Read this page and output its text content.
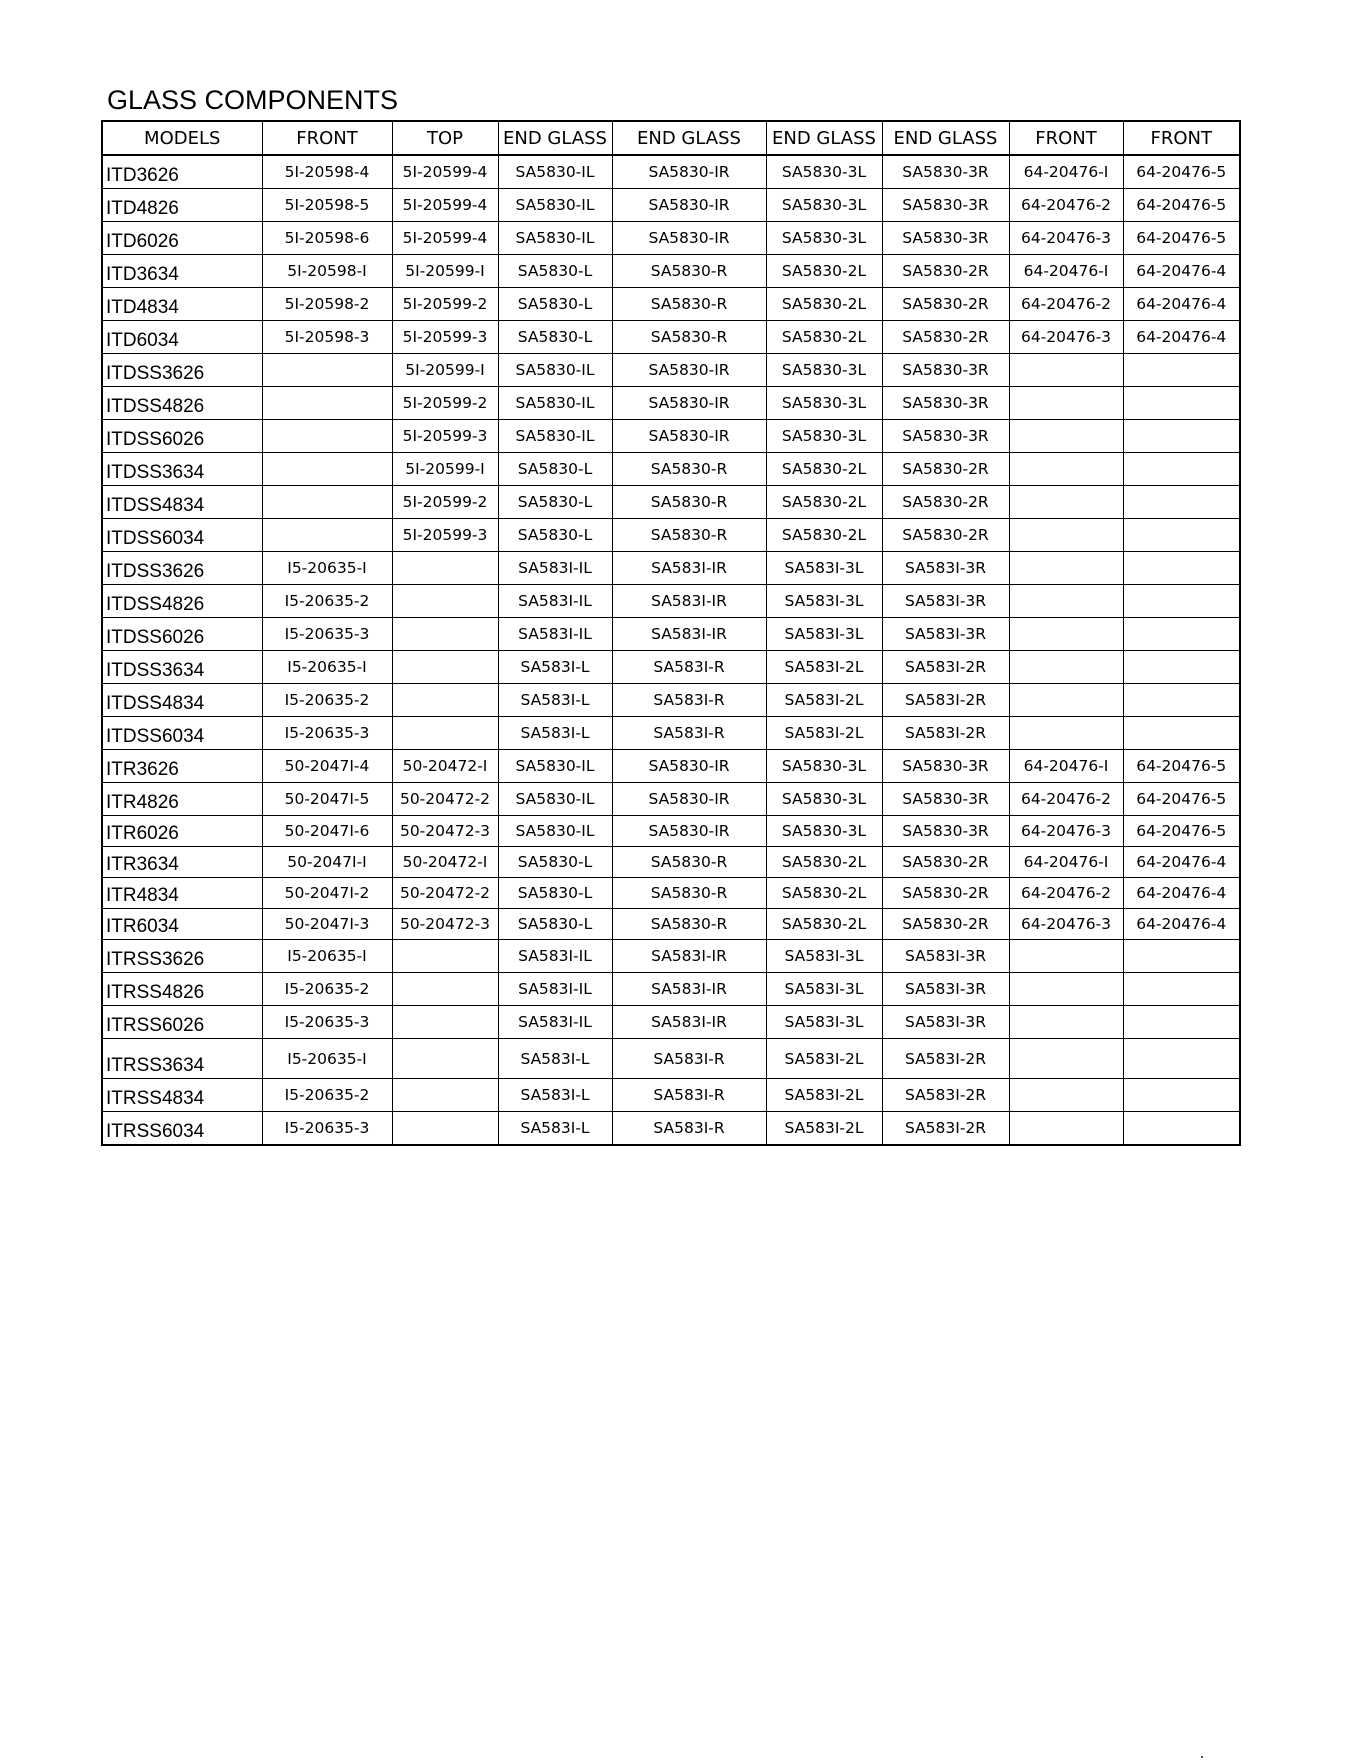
GLASS COMPONENTS
MODELS	FRONT	TOP	END GLASS	END GLASS	END GLASS	END GLASS	FRONT	FRONT
ITD3626	5I-20598-4	5I-20599-4	SA5830-IL	SA5830-IR	SA5830-3L	SA5830-3R	64-20476-I	64-20476-5
ITD4826	5I-20598-5	5I-20599-4	SA5830-IL	SA5830-IR	SA5830-3L	SA5830-3R	64-20476-2	64-20476-5
ITD6026	5I-20598-6	5I-20599-4	SA5830-IL	SA5830-IR	SA5830-3L	SA5830-3R	64-20476-3	64-20476-5
ITD3634	5I-20598-I	5I-20599-I	SA5830-L	SA5830-R	SA5830-2L	SA5830-2R	64-20476-I	64-20476-4
ITD4834	5I-20598-2	5I-20599-2	SA5830-L	SA5830-R	SA5830-2L	SA5830-2R	64-20476-2	64-20476-4
ITD6034	5I-20598-3	5I-20599-3	SA5830-L	SA5830-R	SA5830-2L	SA5830-2R	64-20476-3	64-20476-4
ITDSS3626		5I-20599-I	SA5830-IL	SA5830-IR	SA5830-3L	SA5830-3R		
ITDSS4826		5I-20599-2	SA5830-IL	SA5830-IR	SA5830-3L	SA5830-3R		
ITDSS6026		5I-20599-3	SA5830-IL	SA5830-IR	SA5830-3L	SA5830-3R		
ITDSS3634		5I-20599-I	SA5830-L	SA5830-R	SA5830-2L	SA5830-2R		
ITDSS4834		5I-20599-2	SA5830-L	SA5830-R	SA5830-2L	SA5830-2R		
ITDSS6034		5I-20599-3	SA5830-L	SA5830-R	SA5830-2L	SA5830-2R		
ITDSS3626	I5-20635-I		SA583I-IL	SA583I-IR	SA583I-3L	SA583I-3R		
ITDSS4826	I5-20635-2		SA583I-IL	SA583I-IR	SA583I-3L	SA583I-3R		
ITDSS6026	I5-20635-3		SA583I-IL	SA583I-IR	SA583I-3L	SA583I-3R		
ITDSS3634	I5-20635-I		SA583I-L	SA583I-R	SA583I-2L	SA583I-2R		
ITDSS4834	I5-20635-2		SA583I-L	SA583I-R	SA583I-2L	SA583I-2R		
ITDSS6034	I5-20635-3		SA583I-L	SA583I-R	SA583I-2L	SA583I-2R		
ITR3626	50-2047I-4	50-20472-I	SA5830-IL	SA5830-IR	SA5830-3L	SA5830-3R	64-20476-I	64-20476-5
ITR4826	50-2047I-5	50-20472-2	SA5830-IL	SA5830-IR	SA5830-3L	SA5830-3R	64-20476-2	64-20476-5
ITR6026	50-2047I-6	50-20472-3	SA5830-IL	SA5830-IR	SA5830-3L	SA5830-3R	64-20476-3	64-20476-5
ITR3634	50-2047I-I	50-20472-I	SA5830-L	SA5830-R	SA5830-2L	SA5830-2R	64-20476-I	64-20476-4
ITR4834	50-2047I-2	50-20472-2	SA5830-L	SA5830-R	SA5830-2L	SA5830-2R	64-20476-2	64-20476-4
ITR6034	50-2047I-3	50-20472-3	SA5830-L	SA5830-R	SA5830-2L	SA5830-2R	64-20476-3	64-20476-4
ITRSS3626	I5-20635-I		SA583I-IL	SA583I-IR	SA583I-3L	SA583I-3R		
ITRSS4826	I5-20635-2		SA583I-IL	SA583I-IR	SA583I-3L	SA583I-3R		
ITRSS6026	I5-20635-3		SA583I-IL	SA583I-IR	SA583I-3L	SA583I-3R		
ITRSS3634	I5-20635-I		SA583I-L	SA583I-R	SA583I-2L	SA583I-2R		
ITRSS4834	I5-20635-2		SA583I-L	SA583I-R	SA583I-2L	SA583I-2R		
ITRSS6034	I5-20635-3		SA583I-L	SA583I-R	SA583I-2L	SA583I-2R		
